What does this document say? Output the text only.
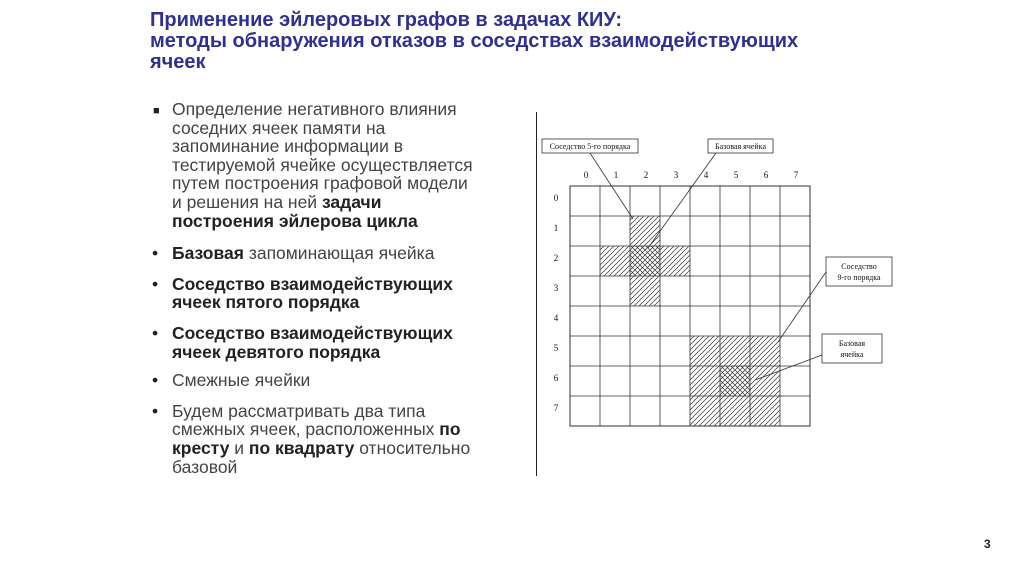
Применение эйлеровых графов в задачах КИУ:
методы обнаружения отказов в соседствах взаимодействующих
ячеек
■ Определение негативного влияния
соседних ячеек памяти на
запоминание информации в
тестируемой ячейке осуществляется
путем построения графовой модели
и решения на ней задачи
построения эйлерова цикла
• Базовая запоминающая ячейка
• Соседство взаимодействующих
ячеек пятого порядка
• Соседство взаимодействующих
ячеек девятого порядка
• Смежные ячейки
• Будем рассматривать два типа
смежных ячеек, расположенных по
кресту и по квадрату относительно
базовой
0	1	2	3	4	5	6	7
0
1
2
3
4
5
6
7
Соседство 5-го порядка	Базовая ячейка
Соседство
9-го порядка
Базовая
ячейка
3
